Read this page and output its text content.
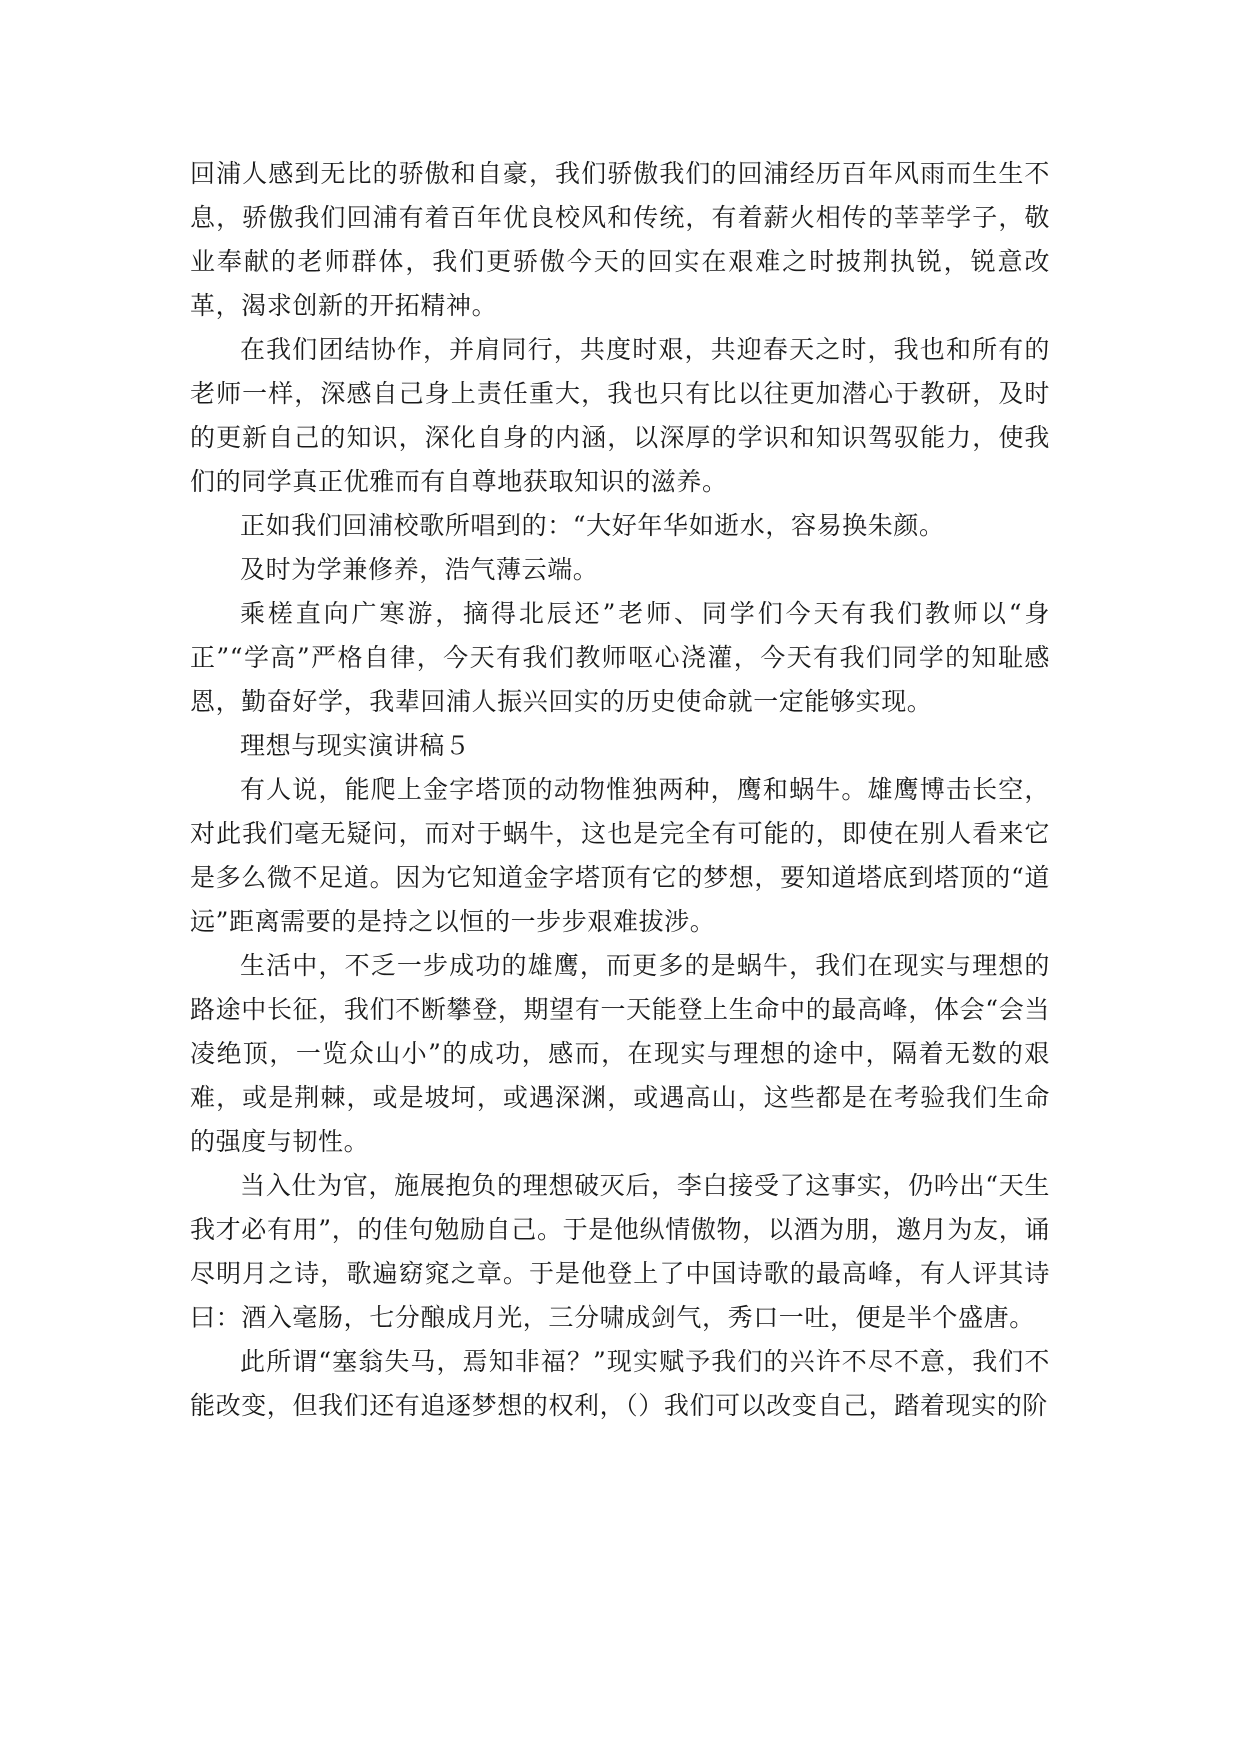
回浦人感到无比的骄傲和自豪，我们骄傲我们的回浦经历百年风雨而生生不息，骄傲我们回浦有着百年优良校风和传统，有着薪火相传的莘莘学子，敬业奉献的老师群体，我们更骄傲今天的回实在艰难之时披荆执锐，锐意改革，渴求创新的开拓精神。

在我们团结协作，并肩同行，共度时艰，共迎春天之时，我也和所有的老师一样，深感自己身上责任重大，我也只有比以往更加潜心于教研，及时的更新自己的知识，深化自身的内涵，以深厚的学识和知识驾驭能力，使我们的同学真正优雅而有自尊地获取知识的滋养。

正如我们回浦校歌所唱到的：“大好年华如逝水，容易换朱颜。

及时为学兼修养，浩气薄云端。

乘槎直向广寒游，摘得北辰还”老师、同学们今天有我们教师以“身正”“学高”严格自律，今天有我们教师呕心浇灌，今天有我们同学的知耻感恩，勤奋好学，我辈回浦人振兴回实的历史使命就一定能够实现。

理想与现实演讲稿５

有人说，能爬上金字塔顶的动物惟独两种，鹰和蜗牛。雄鹰博击长空，对此我们毫无疑问，而对于蜗牛，这也是完全有可能的，即使在别人看来它是多么微不足道。因为它知道金字塔顶有它的梦想，要知道塔底到塔顶的“道远”距离需要的是持之以恒的一步步艰难拔涉。

生活中，不乏一步成功的雄鹰，而更多的是蜗牛，我们在现实与理想的路途中长征，我们不断攀登，期望有一天能登上生命中的最高峰，体会“会当凌绝顶，一览众山小”的成功，感而，在现实与理想的途中，隔着无数的艰难，或是荆棘，或是坡坷，或遇深渊，或遇高山，这些都是在考验我们生命的强度与韧性。

当入仕为官，施展抱负的理想破灭后，李白接受了这事实，仍吟出“天生我才必有用”，的佳句勉励自己。于是他纵情傲物，以酒为朋，邀月为友，诵尽明月之诗，歌遍窈窕之章。于是他登上了中国诗歌的最高峰，有人评其诗曰：酒入毫肠，七分酿成月光，三分啸成剑气，秀口一吐，便是半个盛唐。

此所谓“塞翁失马，焉知非福？”现实赋予我们的兴许不尽不意，我们不能改变，但我们还有追逐梦想的权利，（）我们可以改变自己，踏着现实的阶
